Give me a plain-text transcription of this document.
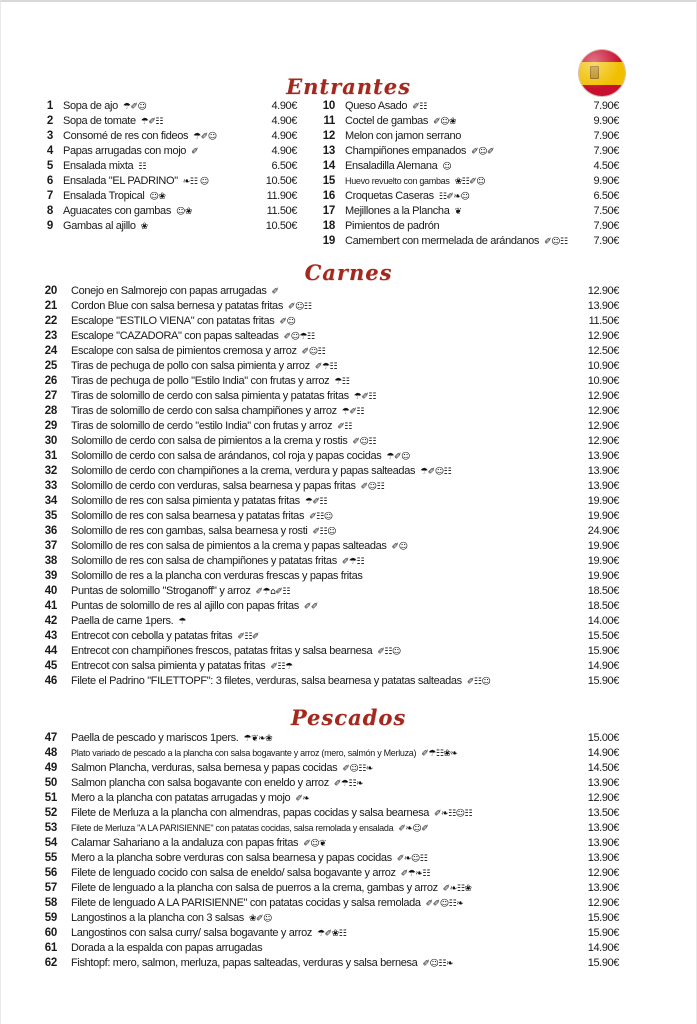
Entrantes
1 Sopa de ajo ☂✐☺	4.90€
2 Sopa de tomate ☂✐☷	4.90€
3 Consomé de res con fideos ☂✐☺	4.90€
4 Papas arrugadas con mojo ✐	4.90€
5 Ensalada mixta ☷	6.50€
6 Ensalada "EL PADRINO" ❧☷ ☺	10.50€
7 Ensalada Tropical ☺❀	11.90€
8 Aguacates con gambas ☺❀	11.50€
9 Gambas al ajillo ❀	10.50€
10 Queso Asado ✐☷	7.90€
11 Coctel de gambas ✐☺❀	9.90€
12 Melon con jamon serrano	7.90€
13 Champiñones empanados ✐☺✐	7.90€
14 Ensaladilla Alemana ☺	4.50€
15 Huevo revuelto con gambas ❀☷✐☺	9.90€
16 Croquetas Caseras ☷✐❧☺	6.50€
17 Mejillones a la Plancha ❦	7.50€
18 Pimientos de padrón	7.90€
19 Camembert con mermelada de arándanos ✐☺☷	7.90€
Carnes
20 Conejo en Salmorejo con papas arrugadas ✐	12.90€
21 Cordon Blue con salsa bernesa y patatas fritas ✐☺☷	13.90€
22 Escalope "ESTILO VIENA" con patatas fritas ✐☺	11.50€
23 Escalope "CAZADORA" con papas salteadas ✐☺☂☷	12.90€
24 Escalope con salsa de pimientos cremosa y arroz ✐☺☷	12.50€
25 Tiras de pechuga de pollo con salsa pimienta y arroz ✐☂☷	10.90€
26 Tiras de pechuga de pollo "Estilo India" con frutas y arroz ☂☷	10.90€
27 Tiras de solomillo de cerdo con salsa pimienta y patatas fritas ☂✐☷	12.90€
28 Tiras de solomillo de cerdo con salsa champiñones y arroz ☂✐☷	12.90€
29 Tiras de solomillo de cerdo "estilo India" con frutas y arroz ✐☷	12.90€
30 Solomillo de cerdo con salsa de pimientos a la crema y rostis ✐☺☷	12.90€
31 Solomillo de cerdo con salsa de arándanos, col roja y papas cocidas ☂✐☺	13.90€
32 Solomillo de cerdo con champiñones a la crema, verdura y papas salteadas ☂✐☺☷	13.90€
33 Solomillo de cerdo con verduras, salsa bearnesa y papas fritas ✐☺☷	13.90€
34 Solomillo de res con salsa pimienta y patatas fritas ☂✐☷	19.90€
35 Solomillo de res con salsa bearnesa y patatas fritas ✐☷☺	19.90€
36 Solomillo de res con gambas, salsa bearnesa y rosti ✐☷☺	24.90€
37 Solomillo de res con salsa de pimientos a la crema y papas salteadas ✐☺	19.90€
38 Solomillo de res con salsa de champiñones y patatas fritas ✐☂☷	19.90€
39 Solomillo de res a la plancha con verduras frescas y papas fritas	19.90€
40 Puntas de solomillo "Stroganoff" y arroz ✐☂⌂✐☷	18.50€
41 Puntas de solomillo de res al ajillo con papas fritas ✐✐	18.50€
42 Paella de carne 1pers. ☂	14.00€
43 Entrecot con cebolla y patatas fritas ✐☷✐	15.50€
44 Entrecot con champiñones frescos, patatas fritas y salsa bearnesa ✐☷☺	15.90€
45 Entrecot con salsa pimienta y patatas fritas ✐☷☂	14.90€
46 Filete el Padrino "FILETTOPF": 3 filetes, verduras, salsa bearnesa y patatas salteadas ✐☷☺	15.90€
Pescados
47 Paella de pescado y mariscos 1pers. ☂❦❧❀	15.00€
48 Plato variado de pescado a la plancha con salsa bogavante y arroz (mero, salmón y Merluza) ✐☂☷❀❧	14.90€
49 Salmon Plancha, verduras, salsa bernesa y papas cocidas ✐☺☷❧	14.50€
50 Salmon plancha con salsa bogavante con eneldo y arroz ✐☂☷❧	13.90€
51 Mero a la plancha con patatas arrugadas y mojo ✐❧	12.90€
52 Filete de Merluza a la plancha con almendras, papas cocidas y salsa bearnesa ✐❧☷☺☷	13.50€
53 Filete de Merluza "A LA PARISIENNE" con patatas cocidas, salsa remolada y ensalada ✐❧☺✐	13.90€
54 Calamar Sahariano a la andaluza con papas fritas ✐☺❦	13.90€
55 Mero a la plancha sobre verduras con salsa bearnesa y papas cocidas ✐❧☺☷	13.90€
56 Filete de lenguado cocido con salsa de eneldo/ salsa bogavante y arroz ✐☂❧☷	12.90€
57 Filete de lenguado a la plancha con salsa de puerros a la crema, gambas y arroz ✐❧☷❀	13.90€
58 Filete de lenguado A LA PARISIENNE" con patatas cocidas y salsa remolada ✐✐☺☷❧	12.90€
59 Langostinos a la plancha con 3 salsas ❀✐☺	15.90€
60 Langostinos con salsa curry/ salsa bogavante y arroz ☂✐❀☷	15.90€
61 Dorada a la espalda con papas arrugadas	14.90€
62 Fishtopf: mero, salmon, merluza, papas salteadas, verduras y salsa bernesa ✐☺☷❧	15.90€
